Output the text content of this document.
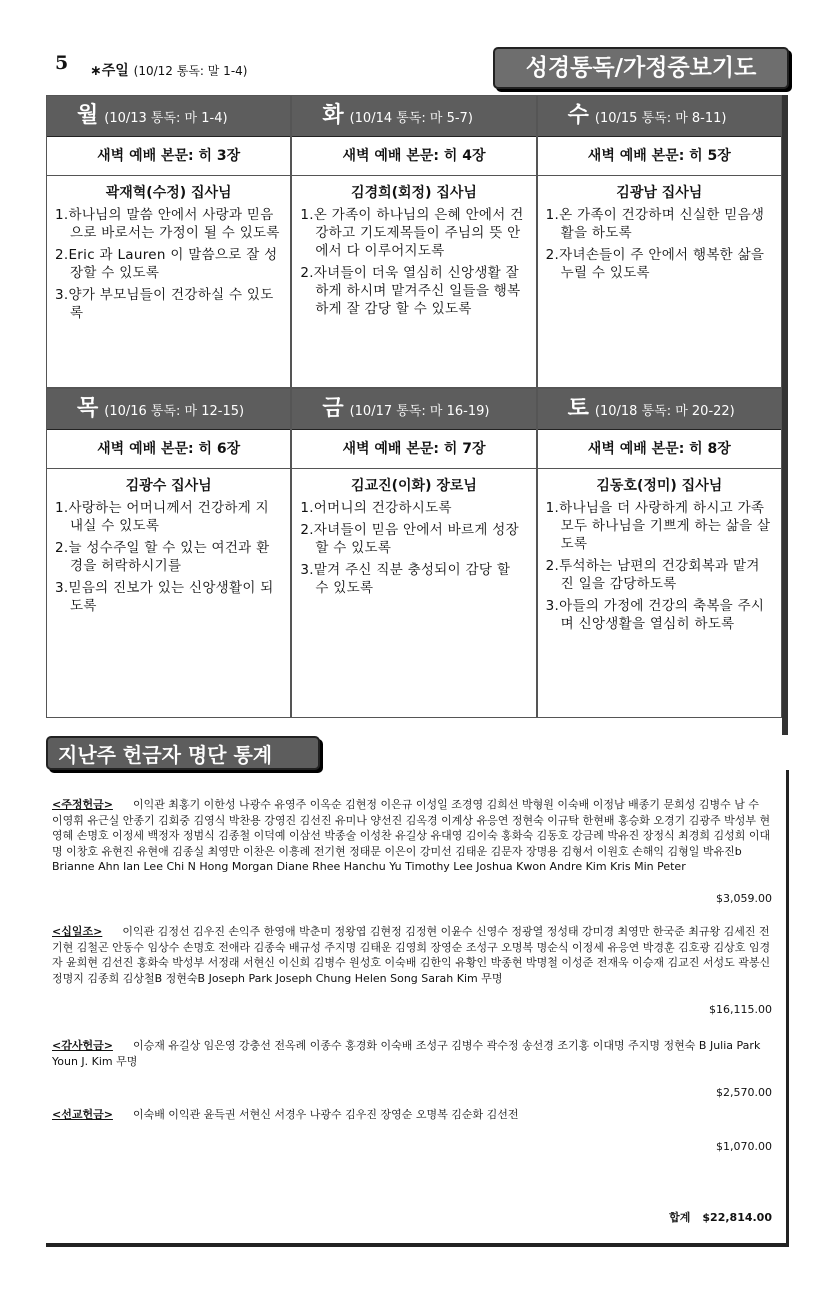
5 ∗주일 (10/12 통독: 말 1-4)	성경통독/가정중보기도
월 (10/13 통독: 마 1-4)
새벽 예배 본문: 히 3장
곽재혁(수정) 집사님
1.하나님의 말씀 안에서 사랑과 믿음으로 바로서는 가정이 될 수 있도록
2.Eric 과 Lauren 이 말씀으로 잘 성장할 수 있도록
3.양가 부모님들이 건강하실 수 있도록
화 (10/14 통독: 마 5-7)
새벽 예배 본문: 히 4장
김경희(회정) 집사님
1.온 가족이 하나님의 은혜 안에서 건강하고 기도제목들이 주님의 뜻 안에서 다 이루어지도록
2.자녀들이 더욱 열심히 신앙생활 잘하게 하시며 맡겨주신 일들을 행복하게 잘 감당 할 수 있도록
수 (10/15 통독: 마 8-11)
새벽 예배 본문: 히 5장
김광남 집사님
1.온 가족이 건강하며 신실한 믿음생활을 하도록
2.자녀손들이 주 안에서 행복한 삶을 누릴 수 있도록
목 (10/16 통독: 마 12-15)
새벽 예배 본문: 히 6장
김광수 집사님
1.사랑하는 어머니께서 건강하게 지내실 수 있도록
2.늘 성수주일 할 수 있는 여건과 환경을 허락하시기를
3.믿음의 진보가 있는 신앙생활이 되도록
금 (10/17 통독: 마 16-19)
새벽 예배 본문: 히 7장
김교진(이화) 장로님
1.어머니의 건강하시도록
2.자녀들이 믿음 안에서 바르게 성장 할 수 있도록
3.맡겨 주신 직분 충성되이 감당 할 수 있도록
토 (10/18 통독: 마 20-22)
새벽 예배 본문: 히 8장
김동호(정미) 집사님
1.하나님을 더 사랑하게 하시고 가족 모두 하나님을 기쁘게 하는 삶을 살도록
2.투석하는 남편의 건강회복과 맡겨진 일을 감당하도록
3.아들의 가정에 건강의 축복을 주시며 신앙생활을 열심히 하도록
지난주 헌금자 명단 통계
<주정헌금> 이익관 최홍기 이한성 나광수 유영주 이옥순 김현정 이은규 이성일 조경영 김희선 박형원 이숙배 이정남 배종기 문희성 김병수 남 수 이영휘 유근실 안종기 김회중 김영식 박찬용 강영진 김선진 유미나 양선진 김옥경 이계상 유응연 정현숙 이규탁 한현배 홍승화 오경기 김광주 박성부 현영혜 손명호 이정세 백정자 정범식 김종철 이덕예 이삼선 박종술 이성찬 유길상 유대영 김이숙 홍화숙 김동호 강금례 박유진 장정식 최경희 김성희 이대명 이창호 유현진 유현애 김종실 최영만 이찬은 이흥례 전기현 정태문 이은이 강미선 김태운 김문자 장명용 김형서 이원호 손해익 김형일 박유진b Brianne Ahn Ian Lee Chi N Hong Morgan Diane Rhee Hanchu Yu Timothy Lee Joshua Kwon Andre Kim Kris Min Peter
$3,059.00
<십일조> 이익관 김정선 김우진 손익주 한영애 박춘미 정왕엽 김현정 김정현 이윤수 신영수 정광열 정성태 강미경 최영만 한국준 최규왕 김세진 전기현 김철곤 안동수 임상수 손명호 전애라 김종숙 배규성 주지명 김태운 김영희 장영순 조성구 오명복 명순식 이정세 유응연 박경훈 김호광 김상호 임경자 윤희현 김선진 홍화숙 박성부 서정래 서현신 이신희 김병수 원성호 이숙배 김한익 유황인 박종현 박명철 이성준 전재욱 이승재 김교진 서성도 곽봉신 정명지 김종희 김상철B 정현숙B Joseph Park Joseph Chung Helen Song Sarah Kim 무명
$16,115.00
<감사헌금> 이승재 유길상 임은영 강충선 전옥례 이종수 홍경화 이숙배 조성구 김병수 곽수정 송선경 조기홍 이대명 주지명 정현숙 B Julia Park Youn J. Kim 무명
$2,570.00
<선교헌금> 이숙배 이익관 윤득권 서현신 서경우 나광수 김우진 장영순 오명복 김순화 김선전
$1,070.00
합계 $22,814.00
